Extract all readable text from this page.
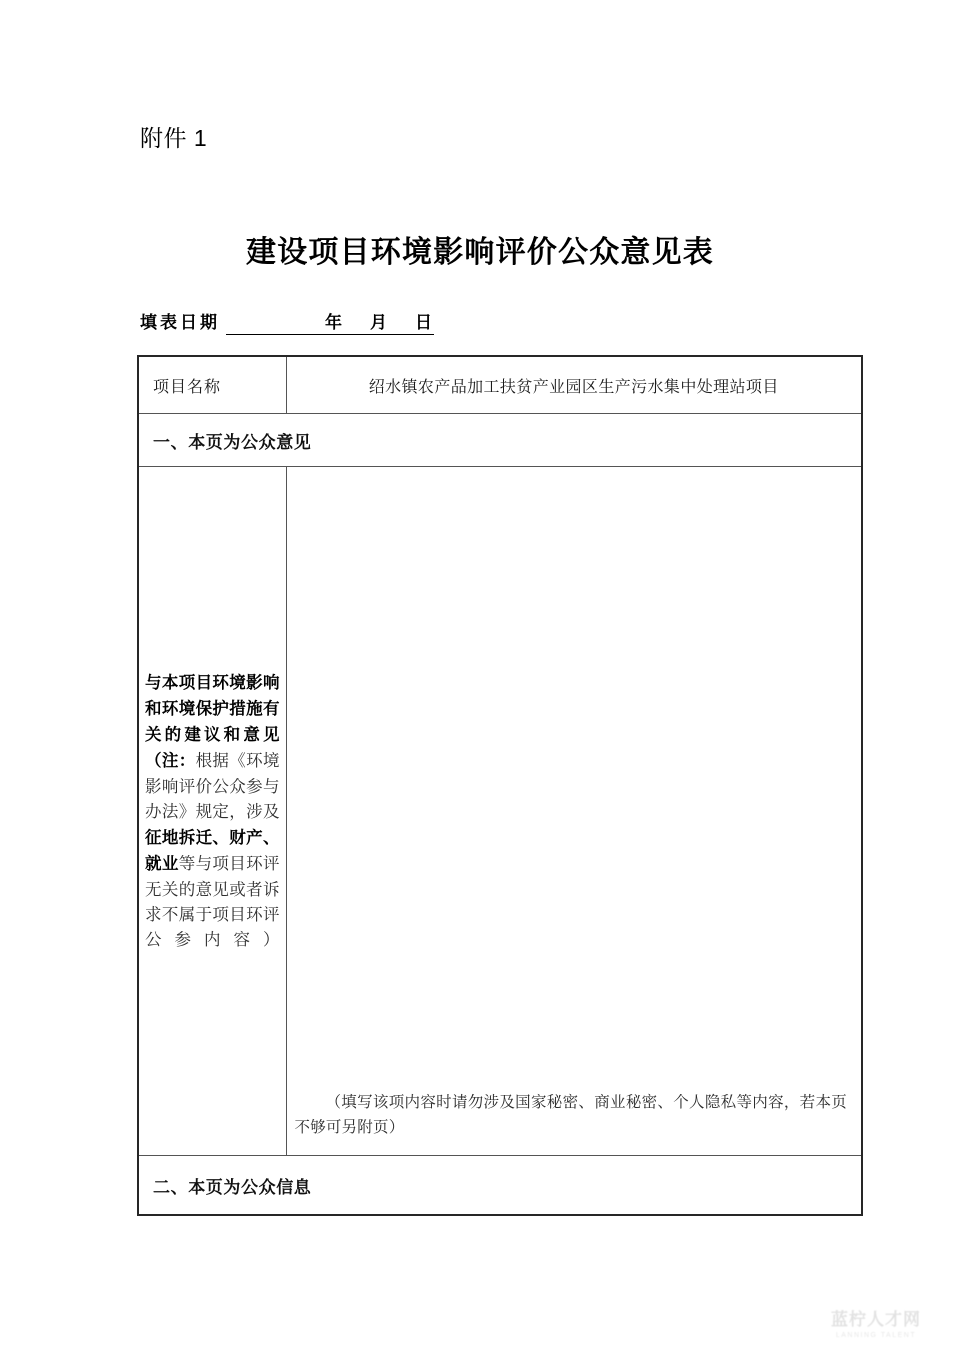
附件 1
建设项目环境影响评价公众意见表
填表日期	年 月 日
项目名称	绍水镇农产品加工扶贫产业园区生产污水集中处理站项目

一、本页为公众意见	

与本项目环境影响和环境保护措施有关的建议和意见（注：根据《环境影响评价公众参与办法》规定，涉及征地拆迁、财产、就业等与项目环评无关的意见或者诉求不属于项目环评公参内容）	（填写该项内容时请勿涉及国家秘密、商业秘密、个人隐私等内容，若本页不够可另附页）

二、本页为公众信息	
蓝柠人才网
LANNING TALENT
